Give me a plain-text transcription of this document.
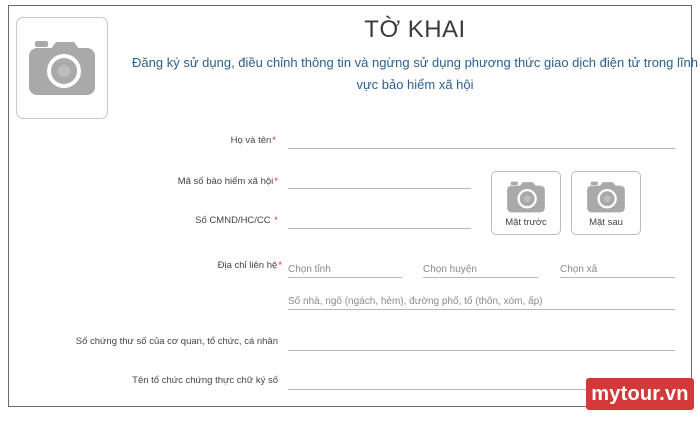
TỜ KHAI
Đăng ký sử dụng, điều chỉnh thông tin và ngừng sử dụng phương thức giao dịch điện tử trong lĩnh
vực bảo hiểm xã hội
Họ và tên*
Mã số bảo hiểm xã hội*
Số CMND/HC/CC *	Mặt trước	Mặt sau
Địa chỉ liên hệ*
Chọn tỉnh
Chọn huyện
Chọn xã
Số nhà, ngõ (ngách, hẻm), đường phố, tổ (thôn, xóm, ấp)
Số chứng thư số của cơ quan, tổ chức, cá nhân
Tên tổ chức chứng thực chữ ký số
mytour.vn
